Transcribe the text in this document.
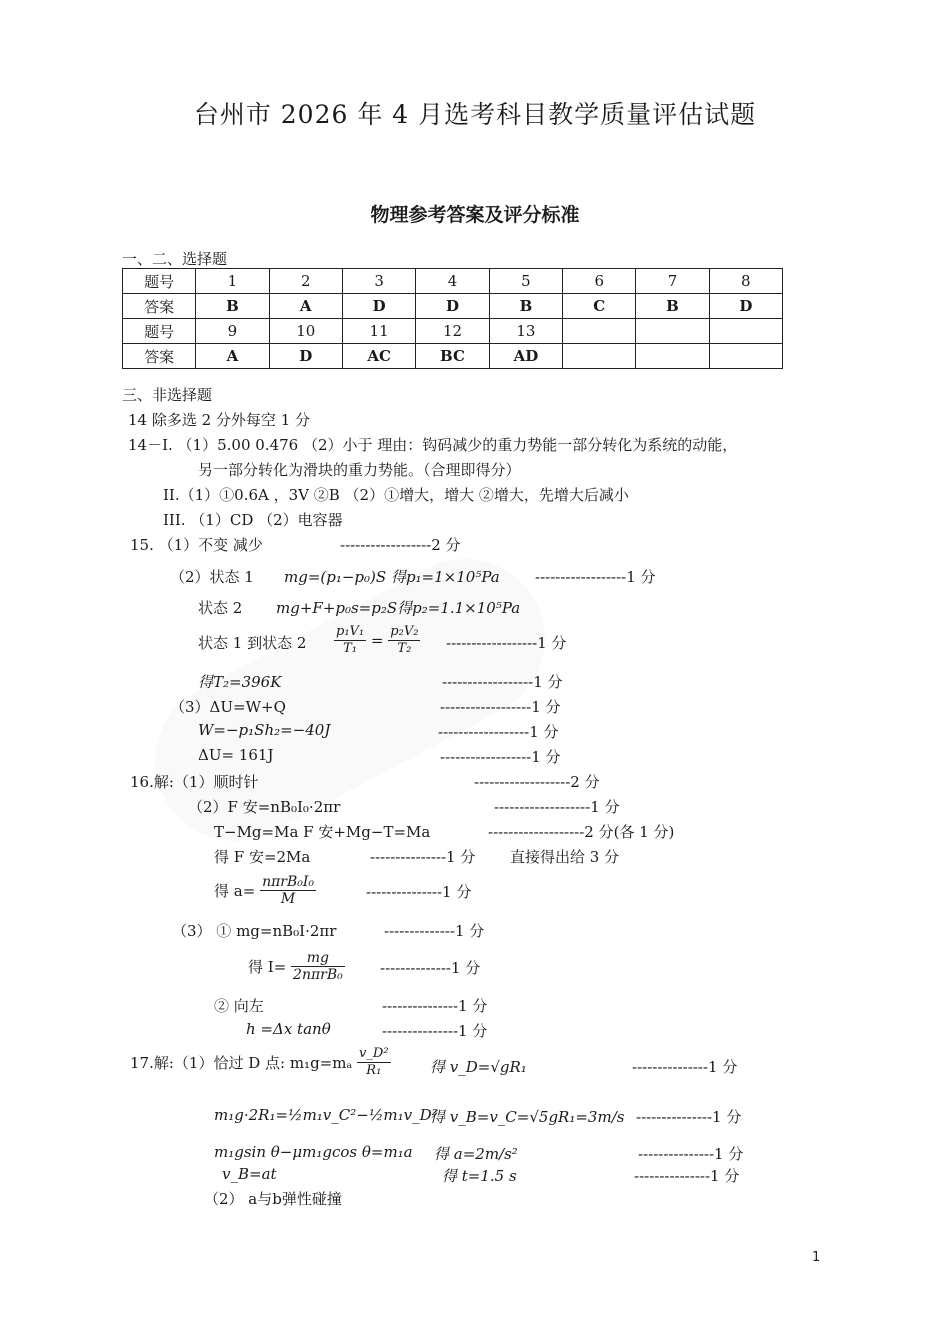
台州市 2026 年 4 月选考科目教学质量评估试题
物理参考答案及评分标准
一、二、选择题
题号	1	2	3	4	5	6	7	8
答案	B	A	D	D	B	C	B	D
题号	9	10	11	12	13			
答案	A	D	AC	BC	AD			
三、非选择题
14 除多选 2 分外每空 1 分
14－I. （1）5.00 0.476 （2）小于 理由：钩码减少的重力势能一部分转化为系统的动能，
另一部分转化为滑块的重力势能。（合理即得分）
II.（1）①0.6A ，3V ②B （2）①增大，增大 ②增大，先增大后减小
III. （1）CD （2）电容器
15. （1）不变 减少	------------------2 分
（2）状态 1 mg=(p₁−p₀)S 得p₁=1×10⁵Pa ------------------1 分
状态 2 mg+F+p₀s=p₂S得p₂=1.1×10⁵Pa
状态 1 到状态 $2 \frac{\text{p₁V₁}}{\text{T₁}} = \frac{\text{p₂V₂}}{\text{T₂}} ------------------1$ 分
得T₂=396K	------------------1 分
（3）ΔU=W+Q	------------------1 分
W=−p₁Sh₂=−40J	------------------1 分
ΔU= 161J	------------------1 分
16.解:（1）顺时针	-------------------2 分
（2）F 安=nB₀I₀·2πr	-------------------1 分
T−Mg=Ma F 安+Mg−T=Ma	-------------------2 分(各 1 分)
得 F 安=2Ma	---------------1 分 直接得出给 3 分
得 $a= \frac{\text{nπrB₀I₀}}{M}$	---------------1 分
（3） ① mg=nB₀I·2πr	--------------1 分
得 $I= \frac{mg}{\text{2nπrB₀}} --------------1$ 分
② 向左	---------------1 分
h =Δx tanθ	---------------1 分
17.解:（1）恰过 D 点: $m_1g=m_a \frac{\text{v\_D²}}{\text{R₁}}$	得 v_D=√gR₁	---------------1 分
m₁g·2R₁=½m₁v_C²−½m₁v_D²
得 v_B=v_C=√5gR₁=3m/s ---------------1 分
m₁gsin θ−μm₁gcos θ=m₁a 得 a=2m/s²	---------------1 分
v_B=at	得 t=1.5 s	---------------1 分
（2） a与b弹性碰撞
1
